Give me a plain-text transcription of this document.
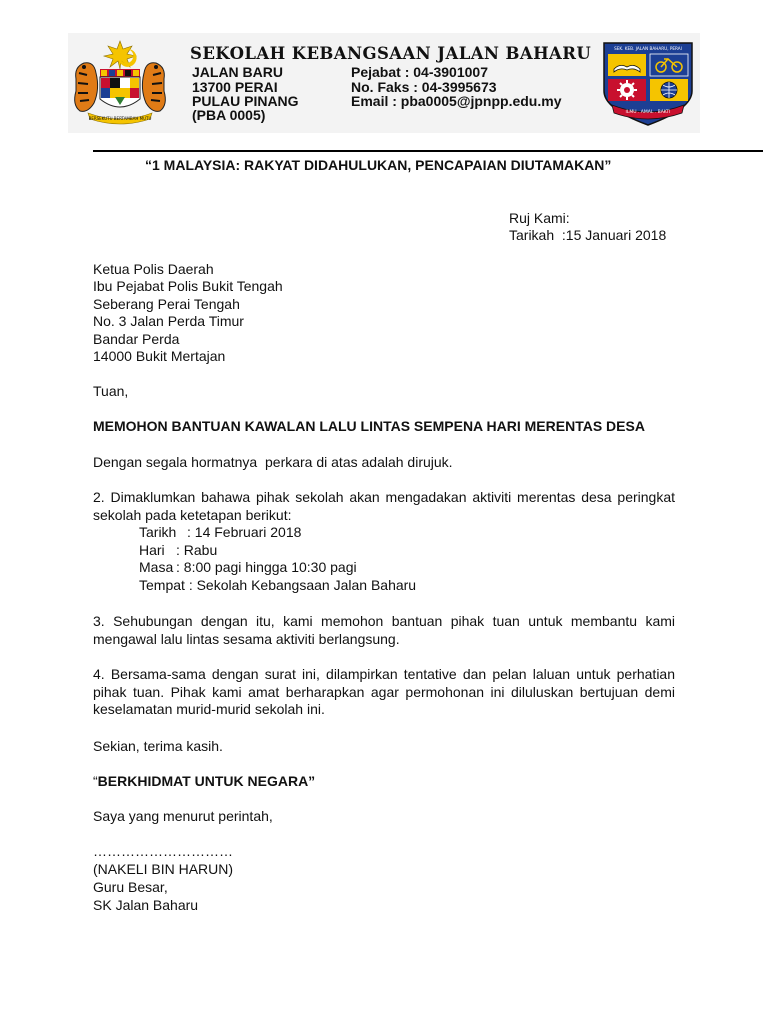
BERSEKUTU BERTAMBAH MUTU
SEKOLAH KEBANGSAAN JALAN BAHARU
JALAN BARU
13700 PERAI
PULAU PINANG
(PBA 0005)
Pejabat : 04-3901007
No. Faks : 04-3995673
Email : pba0005@jpnpp.edu.my
SEK. KEB. JALAN BAHARU, PERAI
ILMU . AMAL . BAKTI
“1 MALAYSIA: RAKYAT DIDAHULUKAN, PENCAPAIAN DIUTAMAKAN”
Ruj Kami:
Tarikah :15 Januari 2018
Ketua Polis Daerah
Ibu Pejabat Polis Bukit Tengah
Seberang Perai Tengah
No. 3 Jalan Perda Timur
Bandar Perda
14000 Bukit Mertajan
Tuan,
MEMOHON BANTUAN KAWALAN LALU LINTAS SEMPENA HARI MERENTAS DESA
Dengan segala hormatnya  perkara di atas adalah dirujuk.
2. Dimaklumkan bahawa pihak sekolah akan mengadakan aktiviti merentas desa peringkat sekolah pada ketetapan berikut:
Tarikh : 14 Februari 2018
Hari : Rabu
Masa : 8:00 pagi hingga 10:30 pagi
Tempat : Sekolah Kebangsaan Jalan Baharu
3. Sehubungan dengan itu, kami memohon bantuan pihak tuan untuk membantu kami mengawal lalu lintas sesama aktiviti berlangsung.
4. Bersama-sama dengan surat ini, dilampirkan tentative dan pelan laluan untuk perhatian pihak tuan. Pihak kami amat berharapkan agar permohonan ini diluluskan bertujuan demi keselamatan murid-murid sekolah ini.
Sekian, terima kasih.
“BERKHIDMAT UNTUK NEGARA”
Saya yang menurut perintah,
…………………………
(NAKELI BIN HARUN)
Guru Besar,
SK Jalan Baharu
